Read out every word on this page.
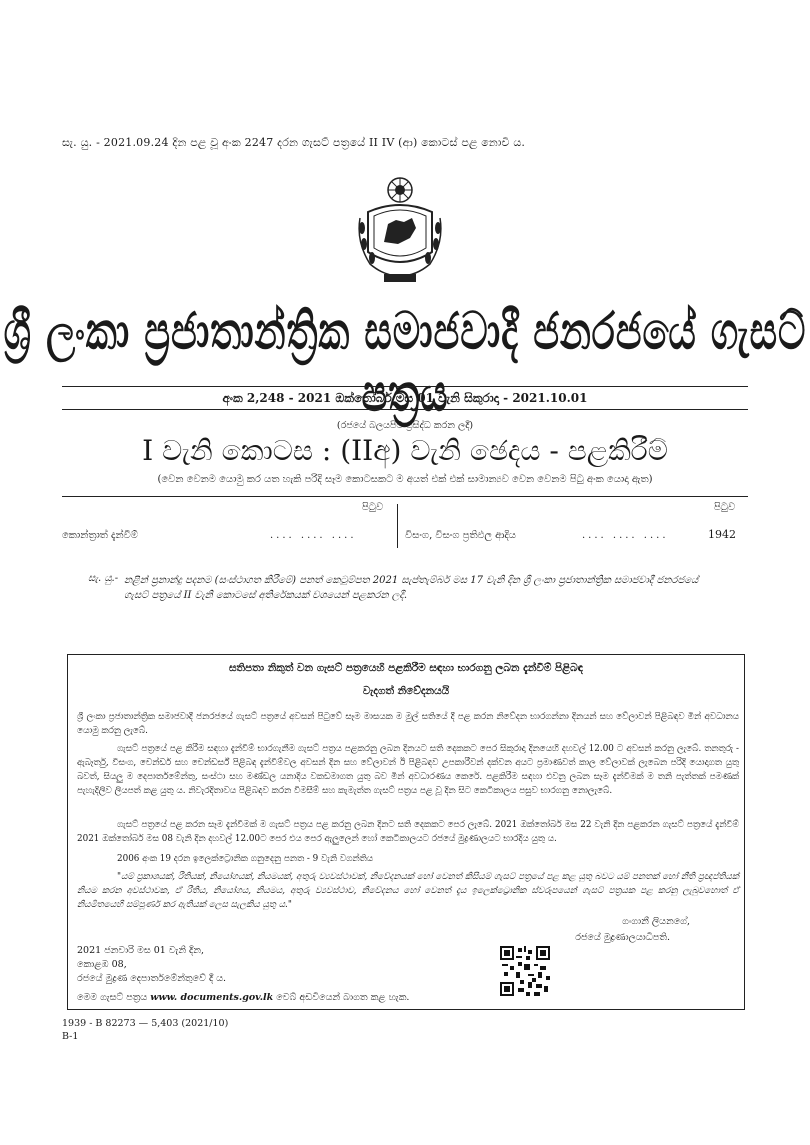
සැ. යු. - 2021.09.24 දින පළ වූ අංක 2247 දරන ගැසට් පත්‍රයේ II IV (ආ) කොටස් පළ නොවී ය.
ශ්‍රී ලංකා ප්‍රජාතාන්ත්‍රික සමාජවාදී ජනරජයේ ගැසට් පත්‍රය
අංක 2,248 - 2021 ඔක්තෝබර් මස 01 වැනි සිකුරාදා - 2021.10.01
(රජයේ බලයපිට ප්‍රසිද්ධ කරන ලදී)
I වැනි කොටස : (IIඅ) වැනි ඡෙදය - පළකිරීම්
(වෙන වෙනම යොමු කර යත හැකි පරිදි සෑම කොටසකට ම අයත් එක් එක් සාමාන්‍යව වෙන වෙනම පිටු අංක යොදා ඇත)
පිටුව	පිටුව
කොන්ත්‍රාත් දැන්වීම්	.... .... ....	විසංග, විසංග ප්‍රතිඵල ආදිය	.... .... ....	1942
සැ. යු.- නළින් ප්‍රනාන්දු පදනම (සංස්ථාගත කිරීමේ) පනත් කෙටුම්පත 2021 සැප්තැම්බර් මස 17 වැනි දින ශ්‍රී ලංකා ප්‍රජාතාන්ත්‍රික සමාජවාදී ජනරජයේ ගැසට් පත්‍රයේ II වැනි කොටසේ අතිරේකයක් වශයෙන් පළකරන ලදී.
සතිපතා නිකුත් වන ගැසට් පත්‍රයෙහි පළකිරීම සඳහා භාරගනු ලබන දැන්වීම් පිළිබඳ
වැදගත් නිවේදනයයි
ශ්‍රී ලංකා ප්‍රජාතාන්ත්‍රික සමාජවාදී ජනරජයේ ගැසට් පත්‍රයේ අවසන් පිටුවේ සෑම මාසයක ම මුල් සතියේ දී පළ කරන නිවේදන භාරගන්නා දිනයන් සහ වේලාවන් පිළිබඳව මින් අවධානය යොමු කරනු ලැබේ.
ගැසට් පත්‍රයේ පළ කිරීම සඳහා දැන්වීම් භාරගැනීම ගැසට් පත්‍රය පළකරනු ලබන දිනයට සති දෙකකට පෙර සිකුරාදා දිනයෙහි දහවල් 12.00 ට අවසන් කරනු ලැබේ. තනතුරු - ඇබෑර්තු, විසංග, චෙන්ඩර් සහ චෙන්ඩර්ස් පිළිබඳ දැන්වීම්වල අවසන් දින සහ වේලාවන් ඊ පිළිබඳව උපකාරීවන් දක්වන අයට ප්‍රමාණවත් කාල වේලාවක් ලැබෙන පරිදි යොදාගත යුතු බවත්, සියලු ම දෙපාර්තමේන්තු, සංස්ථා සහ මණ්ඩල යනාදිය වකඩමාගත යුතු බව මින් අවධාරණය කෙරේ. පළකිරීම සඳහා එවනු ලබන සෑම දැන්වීමක් ම තනි පැත්තක් පමණක් පැහැදිලිව ලියපත් කළ යුතු ය. නිවැරදිතාවය පිළිබඳව කරන විමසීම් සහ කැමැත්ත ගැසට් පත්‍රය පළ වූ දින සිට කෙටිකාලය පසුව භාරගනු නොලැබේ.
ගැසට් පත්‍රයේ පළ කරන සෑම දැන්වීමක් ම ගැසට් පත්‍රය පළ කරනු ලබන දිනට සති දෙකකට පෙර ලැබේ. 2021 ඔක්තෝබර් මස 22 වැනි දින පළකරන ගැසට් පත්‍රයේ දැන්වීම් 2021 ඔක්තෝබර් මස 08 වැනි දින දහවල් 12.00ට පෙර එය පෙර ඇලුලෙන් හෝ කෙටිකාලයට රජයේ මුද්‍රණාලයට භාරදිය යුතු ය.
2006 අංක 19 දරන ඉලෙක්ට්‍රොනික ගනුදෙනු පනත - 9 වැනි වගන්තිය
"යම් ප්‍රකාශයක්, රීතියක්, නියෝගයක්, නියමයක්, අතුරු ව්‍යවස්ථාවක්, නිවේදනයක් හෝ වෙනත් කිසියම් ගැසට් පත්‍රයේ පළ කළ යුතු බවට යම් පනතක් හෝ නීති ප්‍රඥප්තියක් නියම කරන අවස්ථාවක, ඒ රීතිය, නියෝගය, නියමය, අතුරු ව්‍යවස්ථාව, නිවේදනය හෝ වෙනත් දෑය ඉලෙක්ට්‍රොනික ස්වරූපයෙන් ගැසට් පත්‍රයක පළ කරනු ලැබුවහොත් ඒ නියමිතයෙහි සම්පූර්ණ කර ඇතියක් ලෙස සැලකිය යුතු ය."
ගංගානී ලියනගේ,
රජයේ මුද්‍රණාලයාධිපති.
2021 ජනවාරි මස 01 වැනි දින,
කොළඹ 08,
රජයේ මුද්‍රණ දෙපාර්තමේන්තුවේ දී ය.
මෙම ගැසට් පත්‍රය www. documents.gov.lk වෙබ් අඩවියෙන් බාගත කළ හැක.
1939 - B 82273 — 5,403 (2021/10)
B-1
